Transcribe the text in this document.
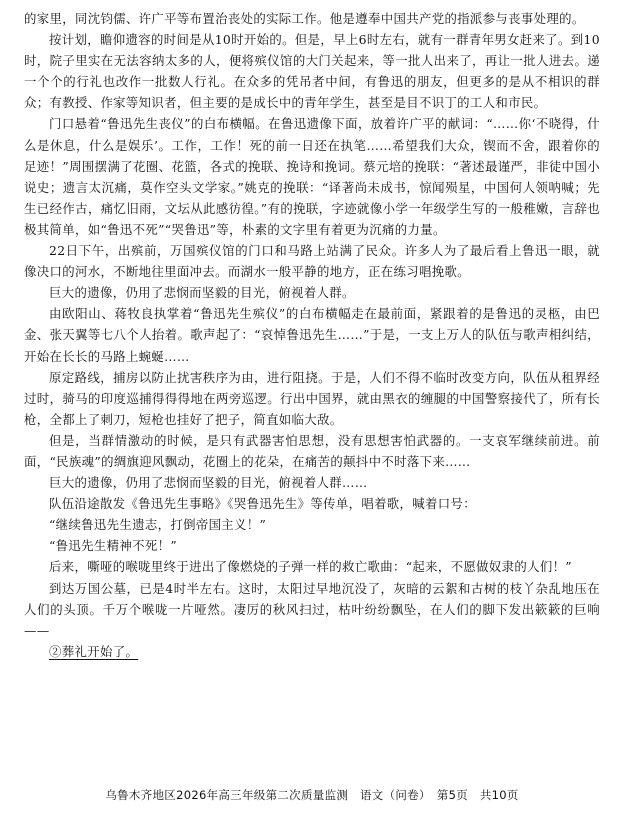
的家里，同沈钧儒、许广平等布置治丧处的实际工作。他是遵奉中国共产党的指派参与丧事处理的。

按计划，瞻仰遗容的时间是从10时开始的。但是，早上6时左右，就有一群青年男女赶来了。到10时，院子里实在无法容纳太多的人，便将殡仪馆的大门关起来，等一批人出来了，再让一批人进去。递一个个的行礼也改作一批数人行礼。在众多的凭吊者中间，有鲁迅的朋友，但更多的是从不相识的群众；有教授、作家等知识者，但主要的是成长中的青年学生，甚至是目不识丁的工人和市民。

门口悬着“鲁迅先生丧仪”的白布横幅。在鲁迅遗像下面，放着许广平的献词：“……你‘不晓得，什么是休息，什么是娱乐’。工作，工作！死的前一日还在执笔……希望我们大众，锲而不舍，跟着你的足迹！”周围摆满了花圈、花篮，各式的挽联、挽诗和挽词。蔡元培的挽联：“著述最谨严，非徒中国小说史；遗言太沉痛，莫作空头文学家。”姚克的挽联：“译著尚未成书，惊闻殒星，中国何人领呐喊；先生已经作古，痛忆旧雨，文坛从此感彷徨。”有的挽联，字迹就像小学一年级学生写的一般稚嫩，言辞也极其简单，如“鲁迅不死”“哭鲁迅”等，朴素的文字里有着更为沉痛的力量。

22日下午，出殡前，万国殡仪馆的门口和马路上站满了民众。许多人为了最后看上鲁迅一眼，就像决口的河水，不断地往里面冲去。而湖水一般平静的地方，正在练习唱挽歌。

巨大的遗像，仍用了悲悯而坚毅的目光，俯视着人群。

由欧阳山、蒋牧良执掌着“鲁迅先生殡仪”的白布横幅走在最前面，紧跟着的是鲁迅的灵柩，由巴金、张天翼等七八个人抬着。歌声起了：“哀悼鲁迅先生……”于是，一支上万人的队伍与歌声相纠结，开始在长长的马路上蜿蜒……

原定路线，捕房以防止扰害秩序为由，进行阻挠。于是，人们不得不临时改变方向，队伍从租界经过时，骑马的印度巡捕得得得地在两旁巡逻。行出中国界，就由黑衣的缠腿的中国警察接代了，所有长枪，全都上了刺刀，短枪也挂好了把子，简直如临大敌。

但是，当群情激动的时候，是只有武器害怕思想，没有思想害怕武器的。一支哀军继续前进。前面，“民族魂”的绸旗迎风飘动，花圈上的花朵，在痛苦的颠抖中不时落下来……

巨大的遗像，仍用了悲悯而坚毅的目光，俯视着人群……

队伍沿途散发《鲁迅先生事略》《哭鲁迅先生》等传单，唱着歌，喊着口号：

“继续鲁迅先生遗志，打倒帝国主义！”

“鲁迅先生精神不死！”

后来，嘶哑的喉咙里终于进出了像燃烧的子弹一样的救亡歌曲：“起来，不愿做奴隶的人们！”

到达万国公墓，已是4时半左右。这时，太阳过早地沉没了，灰暗的云絮和古树的枝丫杂乱地压在人们的头顶。千万个喉咙一片哑然。凄厉的秋风扫过，枯叶纷纷飘坠，在人们的脚下发出簌簌的巨响——

②葬礼开始了。

乌鲁木齐地区2026年高三年级第二次质量监测　语文（问卷）　第5页　共10页
